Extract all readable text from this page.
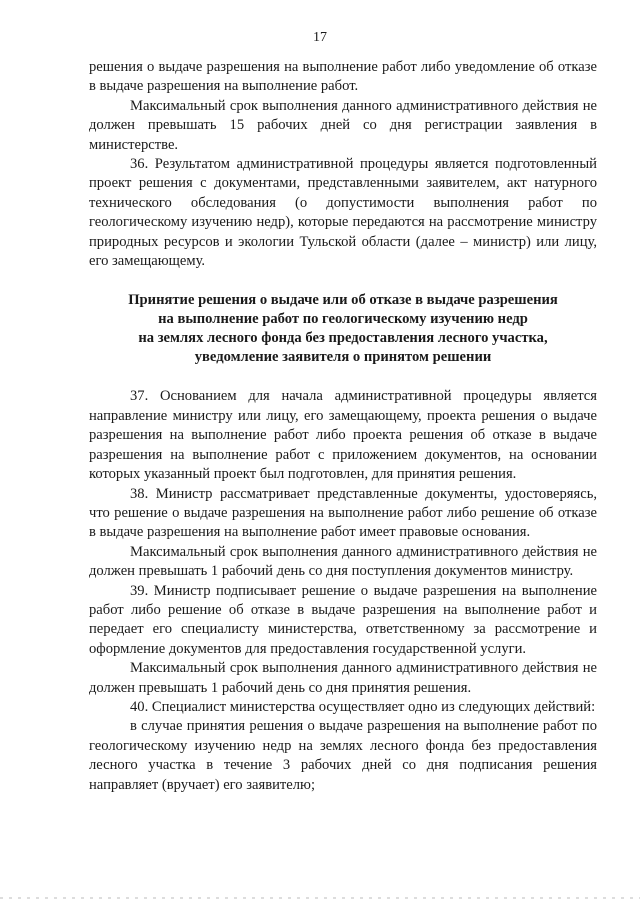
17

решения о выдаче разрешения на выполнение работ либо уведомление об отказе в выдаче разрешения на выполнение работ.

Максимальный срок выполнения данного административного действия не должен превышать 15 рабочих дней со дня регистрации заявления в министерстве.

36. Результатом административной процедуры является подготовленный проект решения с документами, представленными заявителем, акт натурного технического обследования (о допустимости выполнения работ по геологическому изучению недр), которые передаются на рассмотрение министру природных ресурсов и экологии Тульской области (далее – министр) или лицу, его замещающему.

Принятие решения о выдаче или об отказе в выдаче разрешения
на выполнение работ по геологическому изучению недр
на землях лесного фонда без предоставления лесного участка,
уведомление заявителя о принятом решении

37. Основанием для начала административной процедуры является направление министру или лицу, его замещающему, проекта решения о выдаче разрешения на выполнение работ либо проекта решения об отказе в выдаче разрешения на выполнение работ с приложением документов, на основании которых указанный проект был подготовлен, для принятия решения.

38. Министр рассматривает представленные документы, удостоверяясь, что решение о выдаче разрешения на выполнение работ либо решение об отказе в выдаче разрешения на выполнение работ имеет правовые основания.

Максимальный срок выполнения данного административного действия не должен превышать 1 рабочий день со дня поступления документов министру.

39. Министр подписывает решение о выдаче разрешения на выполнение работ либо решение об отказе в выдаче разрешения на выполнение работ и передает его специалисту министерства, ответственному за рассмотрение и оформление документов для предоставления государственной услуги.

Максимальный срок выполнения данного административного действия не должен превышать 1 рабочий день со дня принятия решения.

40. Специалист министерства осуществляет одно из следующих действий:

в случае принятия решения о выдаче разрешения на выполнение работ по геологическому изучению недр на землях лесного фонда без предоставления лесного участка в течение 3 рабочих дней со дня подписания решения направляет (вручает) его заявителю;
